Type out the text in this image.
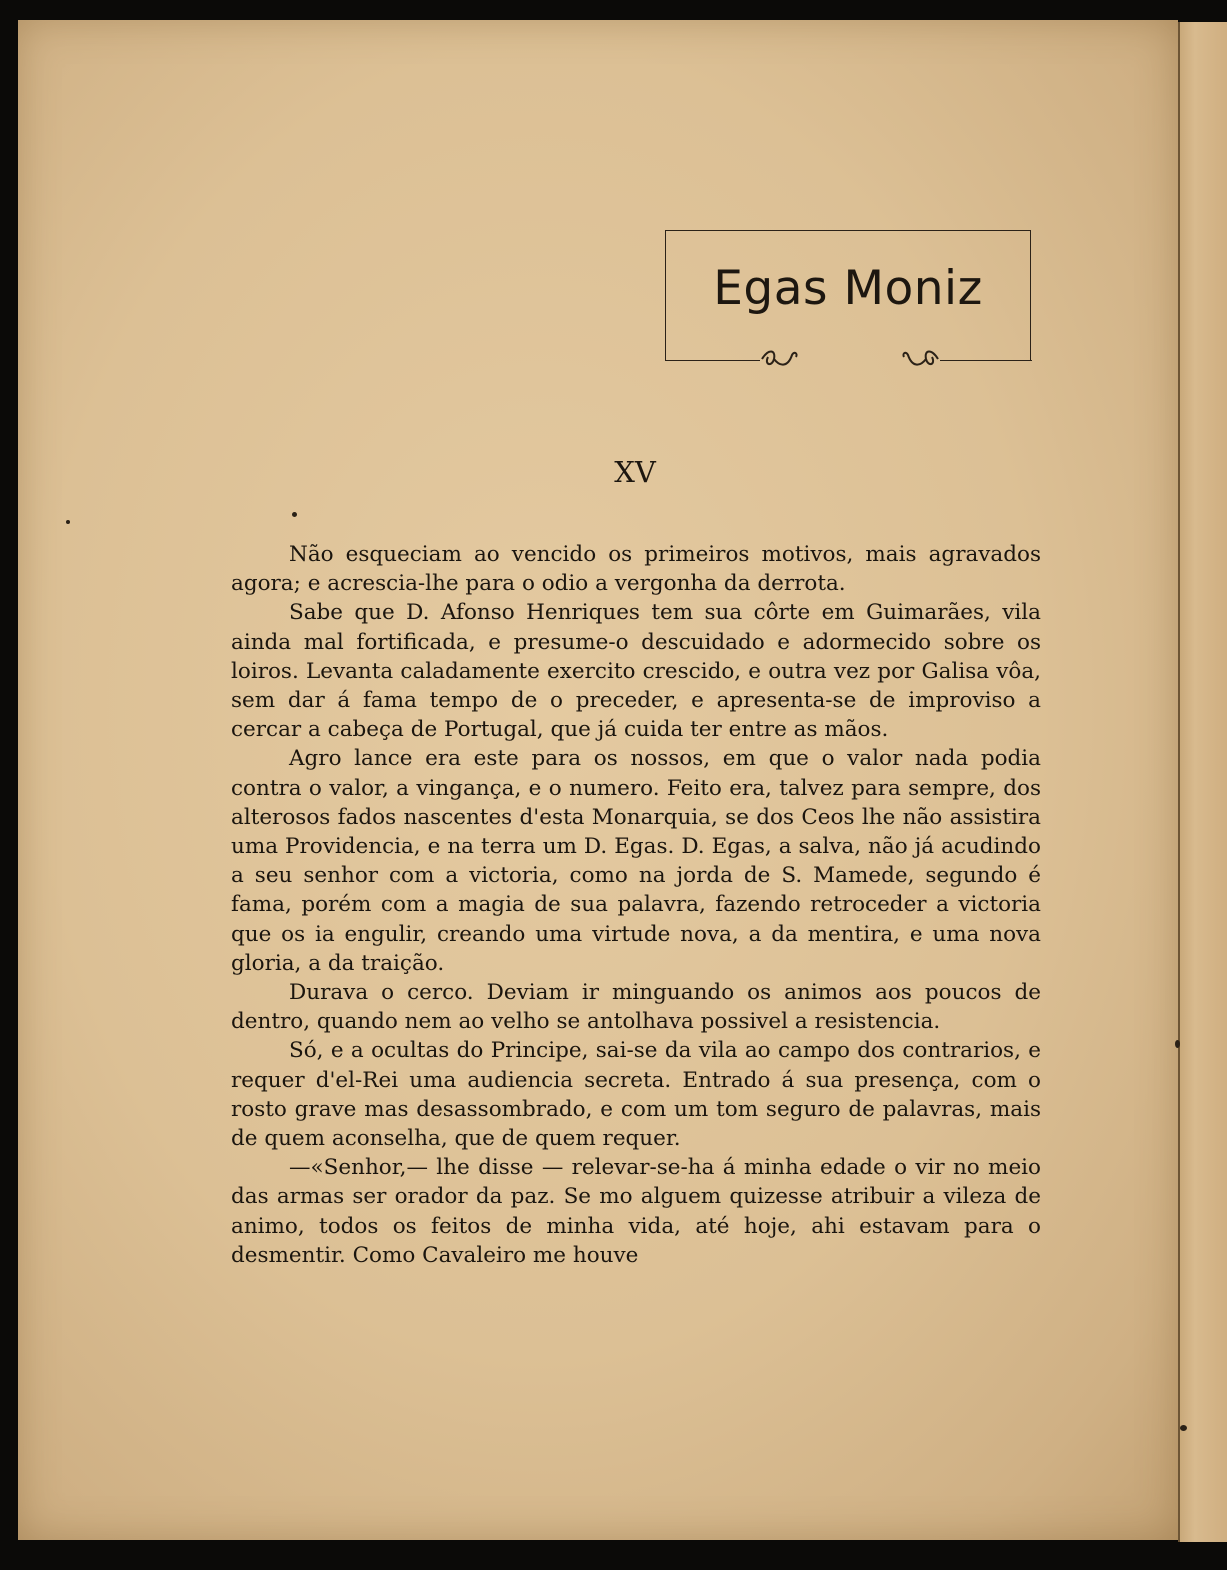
Egas Moniz
XV

Não esqueciam ao vencido os primeiros motivos, mais agravados agora; e acrescia-lhe para o odio a vergonha da derrota.

Sabe que D. Afonso Henriques tem sua côrte em Guimarães, vila ainda mal fortificada, e presume-o descuidado e adormecido sobre os loiros. Levanta caladamente exercito crescido, e outra vez por Galisa vôa, sem dar á fama tempo de o preceder, e apresenta-se de improviso a cercar a cabeça de Portugal, que já cuida ter entre as mãos.

Agro lance era este para os nossos, em que o valor nada podia contra o valor, a vingança, e o numero. Feito era, talvez para sempre, dos alterosos fados nascentes d'esta Monarquia, se dos Ceos lhe não assistira uma Providencia, e na terra um D. Egas. D. Egas, a salva, não já acudindo a seu senhor com a victoria, como na jorda de S. Mamede, segundo é fama, porém com a magia de sua palavra, fazendo retroceder a victoria que os ia engulir, creando uma virtude nova, a da mentira, e uma nova gloria, a da traição.

Durava o cerco. Deviam ir minguando os animos aos poucos de dentro, quando nem ao velho se antolhava possivel a resistencia.

Só, e a ocultas do Principe, sai-se da vila ao campo dos contrarios, e requer d'el-Rei uma audiencia secreta. Entrado á sua presença, com o rosto grave mas desassombrado, e com um tom seguro de palavras, mais de quem aconselha, que de quem requer.

—«Senhor,— lhe disse — relevar-se-ha á minha edade o vir no meio das armas ser orador da paz. Se mo alguem quizesse atribuir a vileza de animo, todos os feitos de minha vida, até hoje, ahi estavam para o desmentir. Como Cavaleiro me houve
